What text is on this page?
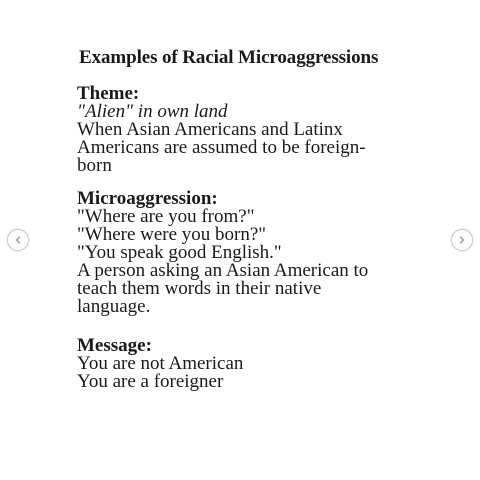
Examples of Racial Microaggressions

Theme:

"Alien" in own land

When Asian Americans and Latinx

Americans are assumed to be foreign-

born

Microaggression:

"Where are you from?"

"Where were you born?"

"You speak good English."

A person asking an Asian American to

teach them words in their native

language.

Message:

You are not American

You are a foreigner
